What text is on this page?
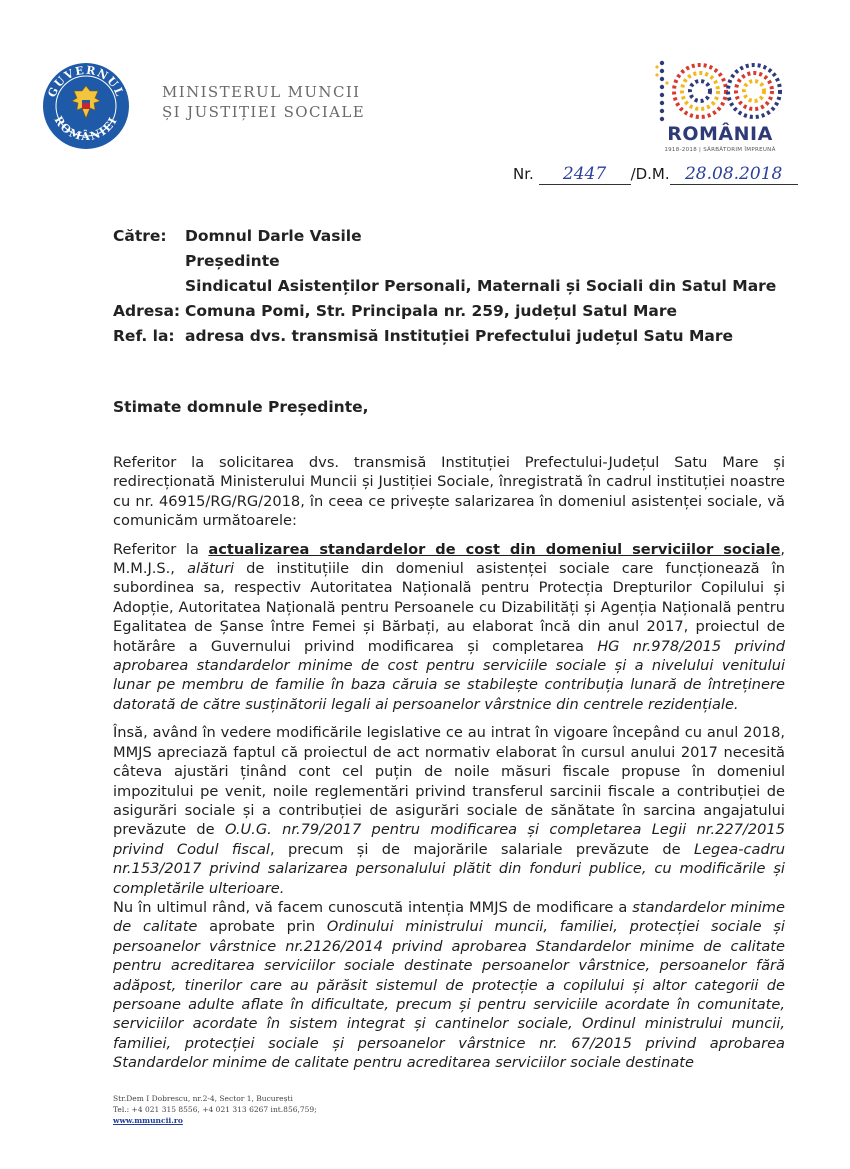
GUVERNUL
ROMÂNIEI
MINISTERUL MUNCII
ȘI JUSTIȚIEI SOCIALE
ROMÂNIA
1918-2018 | SĂRBĂTORIM ÎMPREUNĂ
Nr. 2447 /D.M. 28.08.2018
Către:	Domnul Darle Vasile
Președinte
Sindicatul Asistenților Personali, Maternali și Sociali din Satul Mare
Adresa: Comuna Pomi, Str. Principala nr. 259, județul Satul Mare
Ref. la: adresa dvs. transmisă Instituției Prefectului județul Satu Mare
Stimate domnule Președinte,

Referitor la solicitarea dvs. transmisă Instituției Prefectului-Județul Satu Mare și redirecționată Ministerului Muncii și Justiției Sociale, înregistrată în cadrul instituției noastre cu nr. 46915/RG/RG/2018, în ceea ce privește salarizarea în domeniul asistenței sociale, vă comunicăm următoarele:

Referitor la actualizarea standardelor de cost din domeniul serviciilor sociale, M.M.J.S., alături de instituțiile din domeniul asistenței sociale care funcționează în subordinea sa, respectiv Autoritatea Națională pentru Protecția Drepturilor Copilului și Adopție, Autoritatea Națională pentru Persoanele cu Dizabilități și Agenția Națională pentru Egalitatea de Șanse între Femei și Bărbați, au elaborat încă din anul 2017, proiectul de hotărâre a Guvernului privind modificarea și completarea HG nr.978/2015 privind aprobarea standardelor minime de cost pentru serviciile sociale și a nivelului venitului lunar pe membru de familie în baza căruia se stabilește contribuția lunară de întreținere datorată de către susținătorii legali ai persoanelor vârstnice din centrele rezidențiale.

Însă, având în vedere modificările legislative ce au intrat în vigoare începând cu anul 2018, MMJS apreciază faptul că proiectul de act normativ elaborat în cursul anului 2017 necesită câteva ajustări ținând cont cel puțin de noile măsuri fiscale propuse în domeniul impozitului pe venit, noile reglementări privind transferul sarcinii fiscale a contribuției de asigurări sociale și a contribuției de asigurări sociale de sănătate în sarcina angajatului prevăzute de O.U.G. nr.79/2017 pentru modificarea și completarea Legii nr.227/2015 privind Codul fiscal, precum și de majorările salariale prevăzute de Legea-cadru nr.153/2017 privind salarizarea personalului plătit din fonduri publice, cu modificările și completările ulterioare.

Nu în ultimul rând, vă facem cunoscută intenția MMJS de modificare a standardelor minime de calitate aprobate prin Ordinului ministrului muncii, familiei, protecției sociale și persoanelor vârstnice nr.2126/2014 privind aprobarea Standardelor minime de calitate pentru acreditarea serviciilor sociale destinate persoanelor vârstnice, persoanelor fără adăpost, tinerilor care au părăsit sistemul de protecție a copilului și altor categorii de persoane adulte aflate în dificultate, precum și pentru serviciile acordate în comunitate, serviciilor acordate în sistem integrat și cantinelor sociale, Ordinul ministrului muncii, familiei, protecției sociale și persoanelor vârstnice nr. 67/2015 privind aprobarea Standardelor minime de calitate pentru acreditarea serviciilor sociale destinate

Str.Dem I Dobrescu, nr.2-4, Sector 1, București
Tel.: +4 021 315 8556, +4 021 313 6267 int.856,759;
www.mmuncii.ro
